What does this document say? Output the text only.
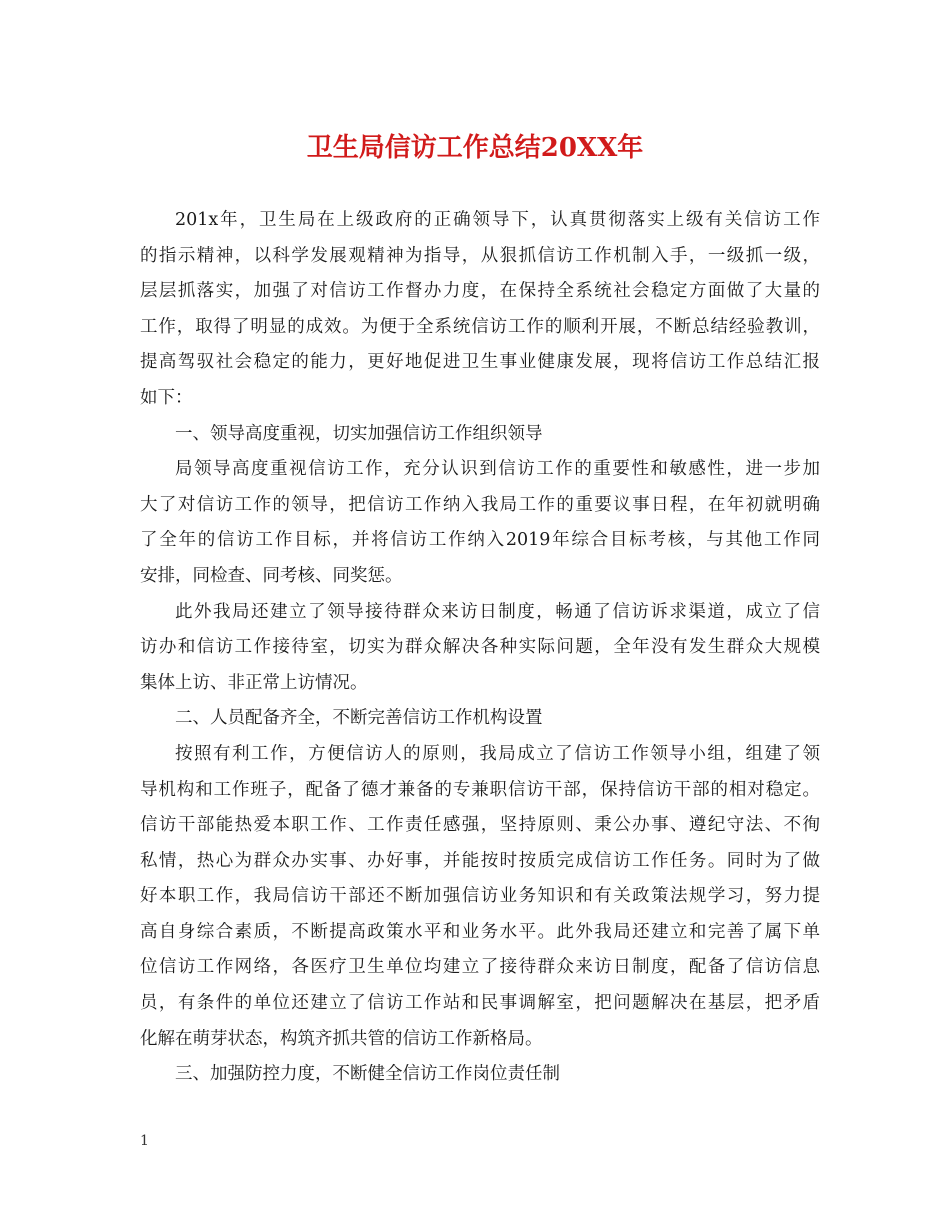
卫生局信访工作总结20XX年
201x年，卫生局在上级政府的正确领导下，认真贯彻落实上级有关信访工作
的指示精神，以科学发展观精神为指导，从狠抓信访工作机制入手，一级抓一级，
层层抓落实，加强了对信访工作督办力度，在保持全系统社会稳定方面做了大量的
工作，取得了明显的成效。为便于全系统信访工作的顺利开展，不断总结经验教训，
提高驾驭社会稳定的能力，更好地促进卫生事业健康发展，现将信访工作总结汇报
如下：
一、领导高度重视，切实加强信访工作组织领导
局领导高度重视信访工作，充分认识到信访工作的重要性和敏感性，进一步加
大了对信访工作的领导，把信访工作纳入我局工作的重要议事日程，在年初就明确
了全年的信访工作目标，并将信访工作纳入2019年综合目标考核，与其他工作同
安排，同检查、同考核、同奖惩。
此外我局还建立了领导接待群众来访日制度，畅通了信访诉求渠道，成立了信
访办和信访工作接待室，切实为群众解决各种实际问题，全年没有发生群众大规模
集体上访、非正常上访情况。
二、人员配备齐全，不断完善信访工作机构设置
按照有利工作，方便信访人的原则，我局成立了信访工作领导小组，组建了领
导机构和工作班子，配备了德才兼备的专兼职信访干部，保持信访干部的相对稳定。
信访干部能热爱本职工作、工作责任感强，坚持原则、秉公办事、遵纪守法、不徇
私情，热心为群众办实事、办好事，并能按时按质完成信访工作任务。同时为了做
好本职工作，我局信访干部还不断加强信访业务知识和有关政策法规学习，努力提
高自身综合素质，不断提高政策水平和业务水平。此外我局还建立和完善了属下单
位信访工作网络，各医疗卫生单位均建立了接待群众来访日制度，配备了信访信息
员，有条件的单位还建立了信访工作站和民事调解室，把问题解决在基层，把矛盾
化解在萌芽状态，构筑齐抓共管的信访工作新格局。
三、加强防控力度，不断健全信访工作岗位责任制
1
